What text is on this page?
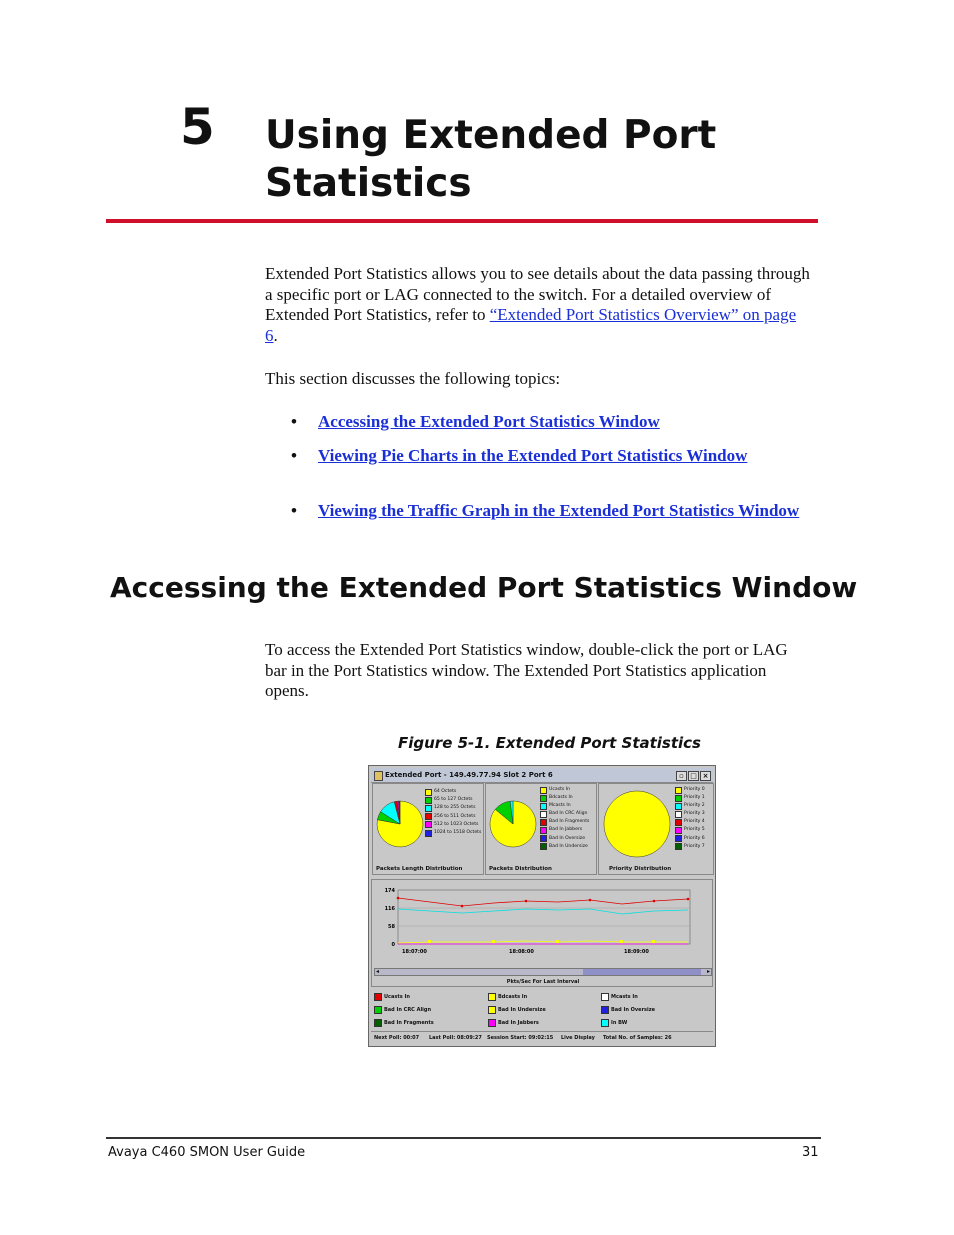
5 Using Extended Port
Statistics

Extended Port Statistics allows you to see details about the data passing through a specific port or LAG connected to the switch. For a detailed overview of Extended Port Statistics, refer to “Extended Port Statistics Overview” on page 6.

This section discusses the following topics:

• Accessing the Extended Port Statistics Window
• Viewing Pie Charts in the Extended Port Statistics Window
• Viewing the Traffic Graph in the Extended Port Statistics Window
Accessing the Extended Port Statistics Window

To access the Extended Port Statistics window, double-click the port or LAG bar in the Port Statistics window. The Extended Port Statistics application opens.

Figure 5-1. Extended Port Statistics
Extended Port - 149.49.77.94 Slot 2 Port 6	▫ □ ×
64 Octets
65 to 127 Octets
128 to 255 Octets
256 to 511 Octets
512 to 1023 Octets
1024 to 1518 Octets
Packets Length Distribution
Ucasts In
Bdcasts In
Mcasts In
Bad In CRC Align
Bad In Fragments
Bad In Jabbers
Bad In Oversize
Bad In Undersize
Packets Distribution
Priority 0
Priority 1
Priority 2
Priority 3
Priority 4
Priority 5
Priority 6
Priority 7
Priority Distribution
174
116
58
0
18:07:00	18:08:00	18:09:00
◂	▸
Pkts/Sec For Last Interval
Ucasts In	Bdcasts In	Mcasts In
Bad In CRC Align	Bad In Undersize	Bad In Oversize
Bad In Fragments	Bad In Jabbers	In BW
Next Poll: 00:07 Last Poll: 08:09:27 Session Start: 09:02:15 Live Display Total No. of Samples: 26
Avaya C460 SMON User Guide	31
